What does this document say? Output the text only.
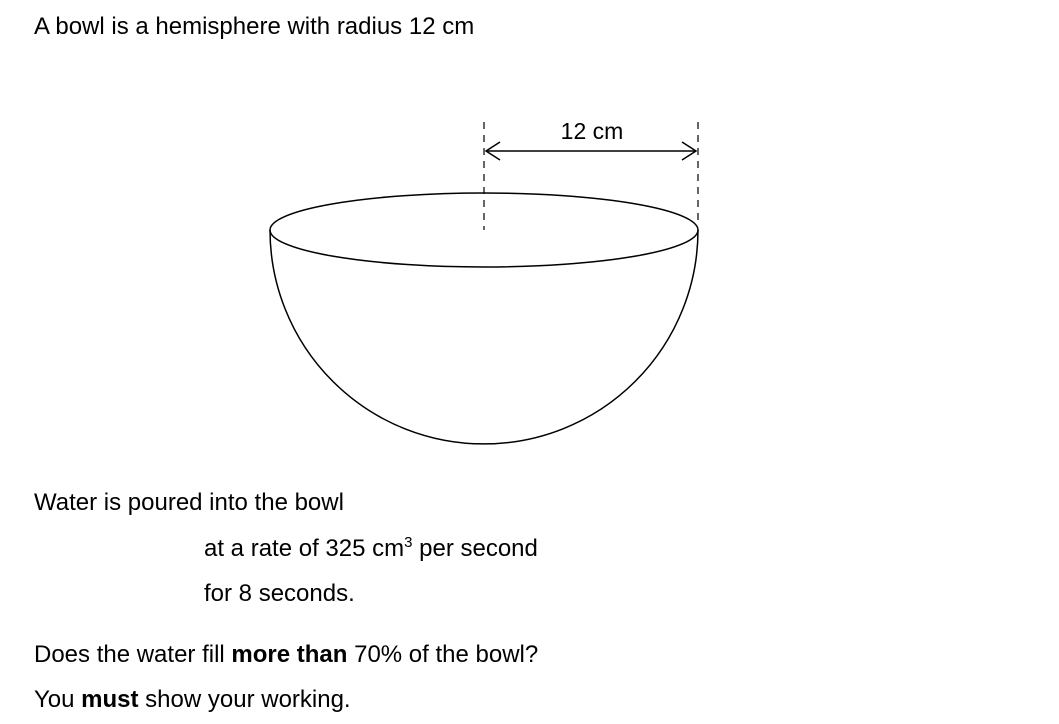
A bowl is a hemisphere with radius 12 cm
12 cm
Water is poured into the bowl
at a rate of 325 $cm^3$ per second
for 8 seconds.
Does the water fill more than 70% of the bowl?
You must show your working.
